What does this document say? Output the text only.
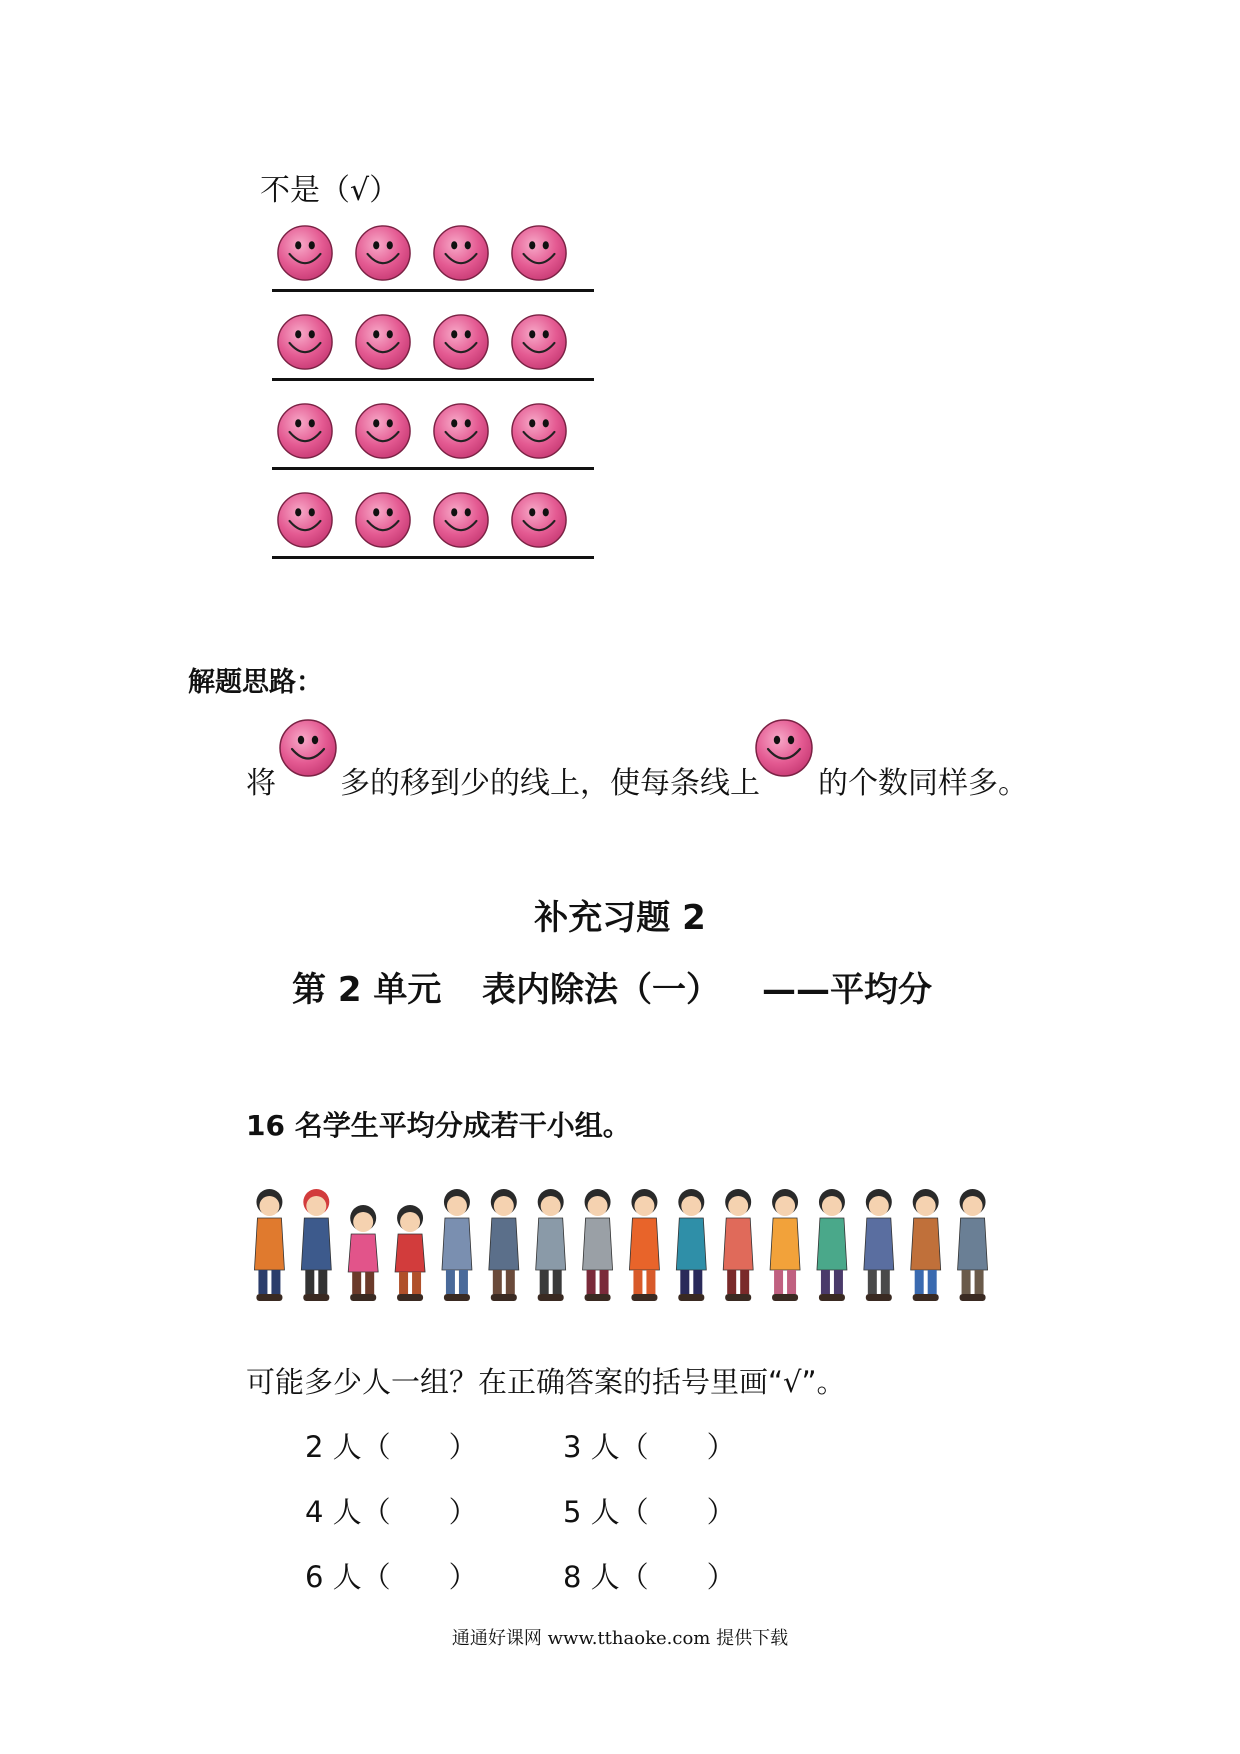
不是（√）
解题思路：
将 多的移到少的线上，使每条线上 的个数同样多。
补充习题 2
第 2 单元 表内除法（一） ——平均分
16 名学生平均分成若干小组。
可能多少人一组？在正确答案的括号里画“√”。
2 人（　　）	3 人（　　）
4 人（　　）	5 人（　　）
6 人（　　）	8 人（　　）
通通好课网 www.tthaoke.com 提供下载
